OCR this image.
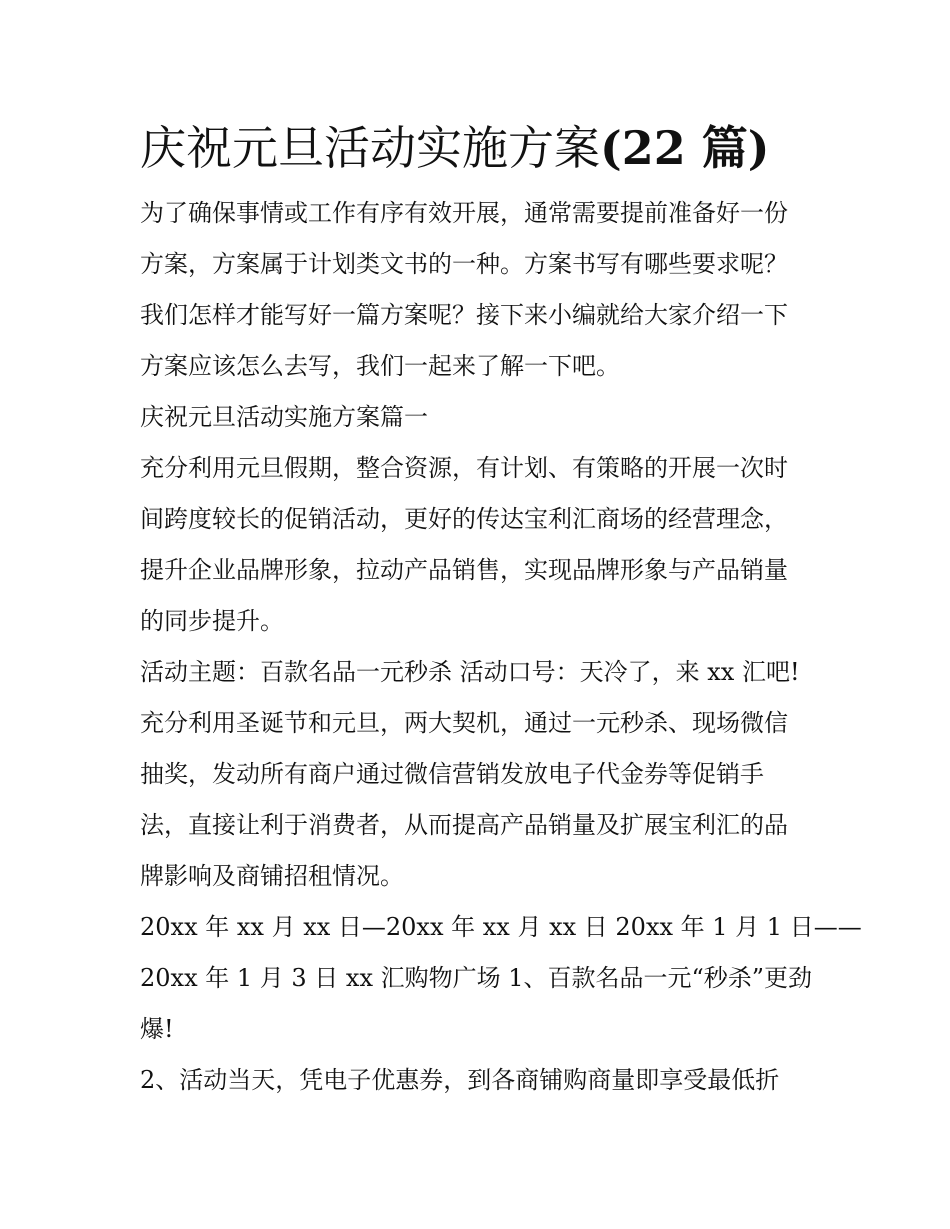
庆祝元旦活动实施方案(22 篇)

为了确保事情或工作有序有效开展，通常需要提前准备好一份

方案，方案属于计划类文书的一种。方案书写有哪些要求呢？

我们怎样才能写好一篇方案呢？接下来小编就给大家介绍一下

方案应该怎么去写，我们一起来了解一下吧。

庆祝元旦活动实施方案篇一

充分利用元旦假期，整合资源，有计划、有策略的开展一次时

间跨度较长的促销活动，更好的传达宝利汇商场的经营理念，

提升企业品牌形象，拉动产品销售，实现品牌形象与产品销量

的同步提升。

活动主题：百款名品一元秒杀 活动口号：天冷了，来 xx 汇吧!

充分利用圣诞节和元旦，两大契机，通过一元秒杀、现场微信

抽奖，发动所有商户通过微信营销发放电子代金券等促销手

法，直接让利于消费者，从而提高产品销量及扩展宝利汇的品

牌影响及商铺招租情况。

20xx 年 xx 月 xx 日—20xx 年 xx 月 xx 日 20xx 年 1 月 1 日——

20xx 年 1 月 3 日 xx 汇购物广场 1、百款名品一元“秒杀”更劲

爆!

2、活动当天，凭电子优惠券，到各商铺购商量即享受最低折
